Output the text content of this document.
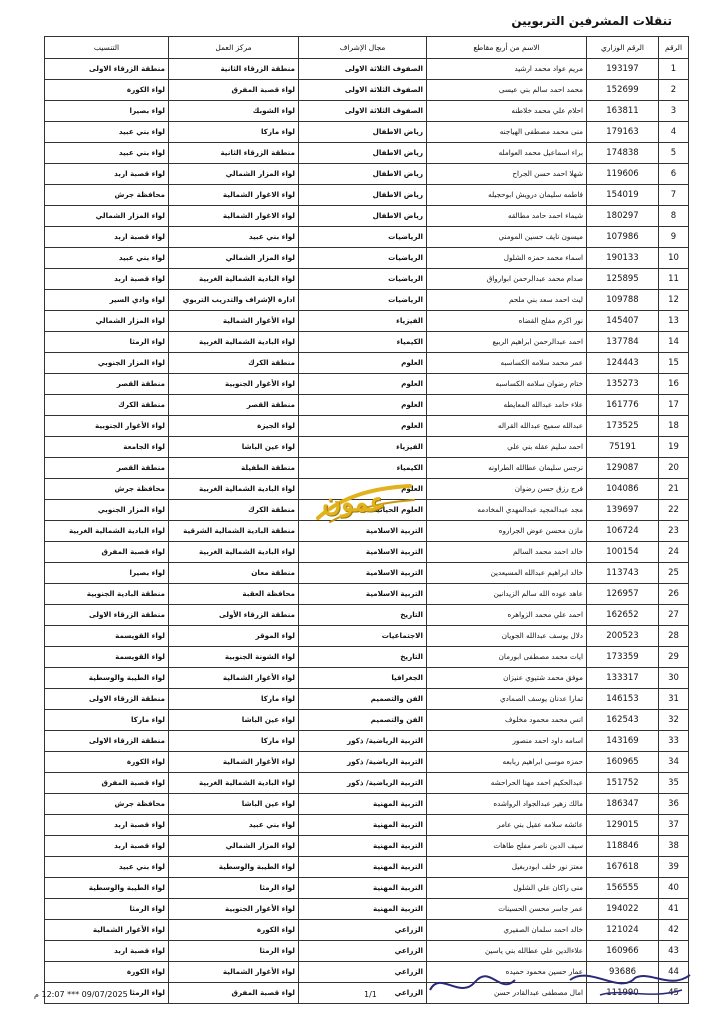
تنقلات المشرفين التربويين
الرقم	الرقم الوزاري	الاسم من أربع مقاطع	مجال الإشراف	مركز العمل	التنسيب
1	193197	مريم عواد محمد ارشيد	الصفوف الثلاثة الاولى	منطقة الزرقاء الثانية	منطقة الزرقاء الاولى
2	152699	محمد احمد سالم بني عيسى	الصفوف الثلاثة الاولى	لواء قصبة المفرق	لواء الكورة
3	163811	احلام علي محمد خلاطنه	الصفوف الثلاثة الاولى	لواء الشوبك	لواء بصيرا
4	179163	منى محمد مصطفى الهياجنه	رياض الاطفال	لواء ماركا	لواء بني عبيد
5	174838	براء اسماعيل محمد العوامله	رياض الاطفال	منطقة الزرقاء الثانية	لواء بني عبيد
6	119606	شهلا احمد حسن الجراح	رياض الاطفال	لواء المزار الشمالي	لواء قصبة اربد
7	154019	فاطمه سليمان درويش ابوحجيله	رياض الاطفال	لواء الاغوار الشمالية	محافظة جرش
8	180297	شيماء احمد حامد مطالقه	رياض الاطفال	لواء الاغوار الشمالية	لواء المزار الشمالي
9	107986	ميسون نايف حسين المومني	الرياضيات	لواء بني عبيد	لواء قصبة اربد
10	190133	اسماء محمد حمزه الشلول	الرياضيات	لواء المزار الشمالي	لواء بني عبيد
11	125895	صدام محمد عبدالرحمن ابوارواق	الرياضيات	لواء البادية الشمالية الغربية	لواء قصبة اربد
12	109788	ليث احمد سعد بني ملحم	الرياضيات	ادارة الإشراف والتدريب التربوي	لواء وادي السير
13	145407	نور اكرم مفلح القضاه	الفيزياء	لواء الأغوار الشمالية	لواء المزار الشمالي
14	137784	احمد عبدالرحمن ابراهيم الربيع	الكيمياء	لواء البادية الشمالية الغربية	لواء الرمثا
15	124443	عمر محمد سلامه الكساسبه	العلوم	منطقة الكرك	لواء المزار الجنوبي
16	135273	ختام رضوان سلامه الكساسبه	العلوم	لواء الأغوار الجنوبية	منطقة القصر
17	161776	علاء حامد عبدالله المعايطه	العلوم	منطقة القصر	منطقة الكرك
18	173525	عبدالله سميح عبدالله القراله	العلوم	لواء الجيزة	لواء الأغوار الجنوبية
19	75191	احمد سليم عقله بني علي	الفيزياء	لواء عين الباشا	لواء الجامعة
20	129087	نرجس سليمان عطالله الطراونه	الكيمياء	منطقة الطفيلة	منطقة القصر
21	104086	فرج رزق حسن رضوان	العلوم	لواء البادية الشمالية الغربية	محافظة جرش
22	139697	مجد عبدالمجيد عبدالمهدي المخادمه	العلوم الحياتية	منطقة الكرك	لواء المزار الجنوبي
23	106724	مازن محسن عوض الجراروه	التربية الاسلامية	منطقة البادية الشمالية الشرقية	لواء البادية الشمالية الغربية
24	100154	خالد احمد محمد السالم	التربية الاسلامية	لواء البادية الشمالية الغربية	لواء قصبة المفرق
25	113743	خالد ابراهيم عبدالله المسيعدين	التربية الاسلامية	منطقة معان	لواء بصيرا
26	126957	عاهد عوده الله سالم الزيدانين	التربية الاسلامية	محافظة العقبة	منطقة البادية الجنوبية
27	162652	احمد علي محمد الزواهره	التاريخ	منطقة الزرقاء الأولى	منطقة الزرقاء الاولى
28	200523	دلال يوسف عبدالله الجويان	الاجتماعيات	لواء الموقر	لواء القويسمة
29	173359	ايات محمد مصطفى ابورمان	التاريخ	لواء الشونة الجنوبية	لواء القويسمة
30	133317	موفق محمد شتيوي عنيزان	الجغرافيا	لواء الأغوار الشمالية	لواء الطيبة والوسطية
31	146153	تمارا عدنان يوسف الصمادي	الفن والتصميم	لواء ماركا	منطقة الزرقاء الاولى
32	162543	انس محمد محمود مخلوف	الفن والتصميم	لواء عين الباشا	لواء ماركا
33	143169	اسامه داود احمد منصور	التربية الرياضية/ ذكور	لواء ماركا	منطقة الزرقاء الاولى
34	160965	حمزه موسى ابراهيم ربابعه	التربية الرياضية/ ذكور	لواء الأغوار الشمالية	لواء الكورة
35	151752	عبدالحكيم احمد مهنا الحراحشه	التربية الرياضية/ ذكور	لواء البادية الشمالية الغربية	لواء قصبة المفرق
36	186347	مالك زهير عبدالجواد الرواشده	التربية المهنية	لواء عين الباشا	محافظة جرش
37	129015	عائشه سلامه عقيل بني عامر	التربية المهنية	لواء بني عبيد	لواء قصبة اربد
38	118846	سيف الدين ناصر مفلح طاهات	التربية المهنية	لواء المزار الشمالي	لواء قصبة اربد
39	167618	معتز نور خلف ابودربغيل	التربية المهنية	لواء الطيبة والوسطية	لواء بني عبيد
40	156555	منى راكان علي الشلول	التربية المهنية	لواء الرمثا	لواء الطيبة والوسطية
41	194022	عمر جاسر محسن الحسينات	التربية المهنية	لواء الأغوار الجنوبية	لواء الرمثا
42	121024	خالد احمد سلمان الصفيري	الزراعي	لواء الكورة	لواء الأغوار الشمالية
43	160966	علاءالدين علي عطالله بني ياسين	الزراعي	لواء الرمثا	لواء قصبة اربد
44	93686	عمار حسين محمود حميده	الزراعي	لواء الأغوار الشمالية	لواء الكورة
45	111990	امال مصطفى عبدالقادر حسن	الزراعي	لواء قصبة المفرق	لواء الرمثا
عمون
09/07/2025 *** 12:07 م	1/1
